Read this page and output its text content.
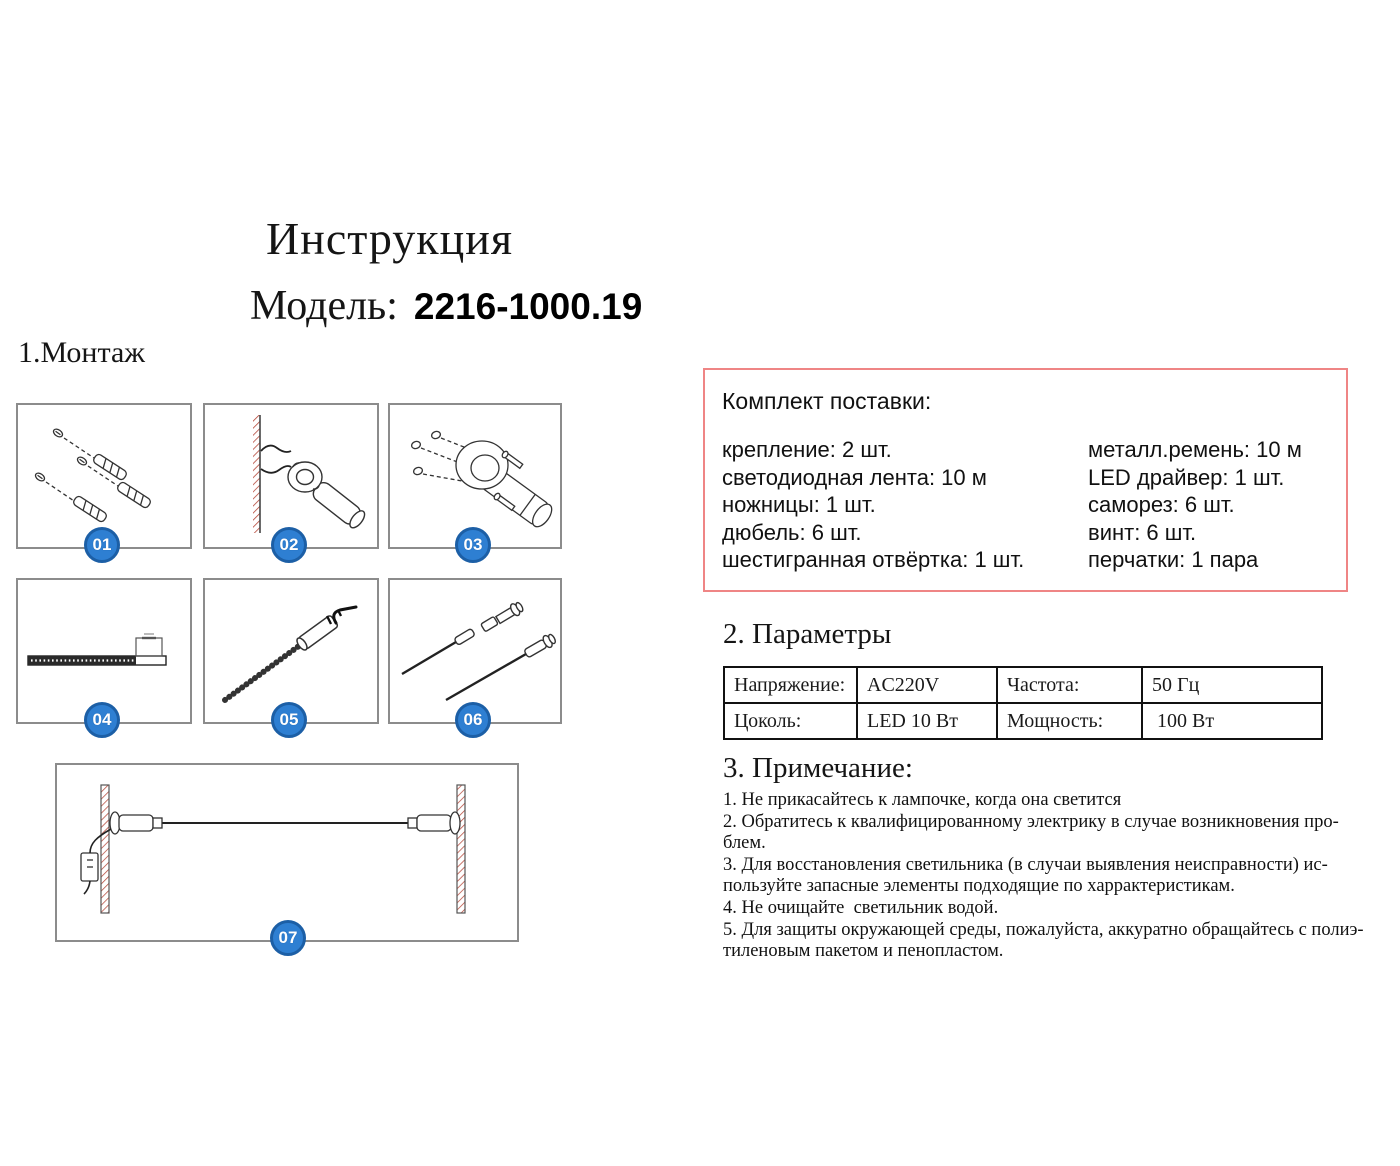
Инструкция
Модель: 2216-1000.19
1.Монтаж
01	02	03
04	05	06
07
Комплект поставки:
крепление: 2 шт.
светодиодная лента: 10 м
ножницы: 1 шт.
дюбель: 6 шт.
шестигранная отвёртка: 1 шт.
металл.ремень: 10 м
LED драйвер: 1 шт.
саморез: 6 шт.
винт: 6 шт.
перчатки: 1 пара
2. Параметры
Напряжение:	AC220V	Частота:	50 Гц
Цоколь:	LED 10 Вт	Мощность:	100 Вт
3. Примечание:
1. Не прикасайтесь к лампочке, когда она светится
2. Обратитесь к квалифицированному электрику в случае возникновения про-
блем.
3. Для восстановления светильника (в случаи выявления неисправности) ис-
пользуйте запасные элементы подходящие по харрактеристикам.
4. Не очищайте  светильник водой.
5. Для защиты окружающей среды, пожалуйста, аккуратно обращайтесь с полиэ-
тиленовым пакетом и пенопластом.
